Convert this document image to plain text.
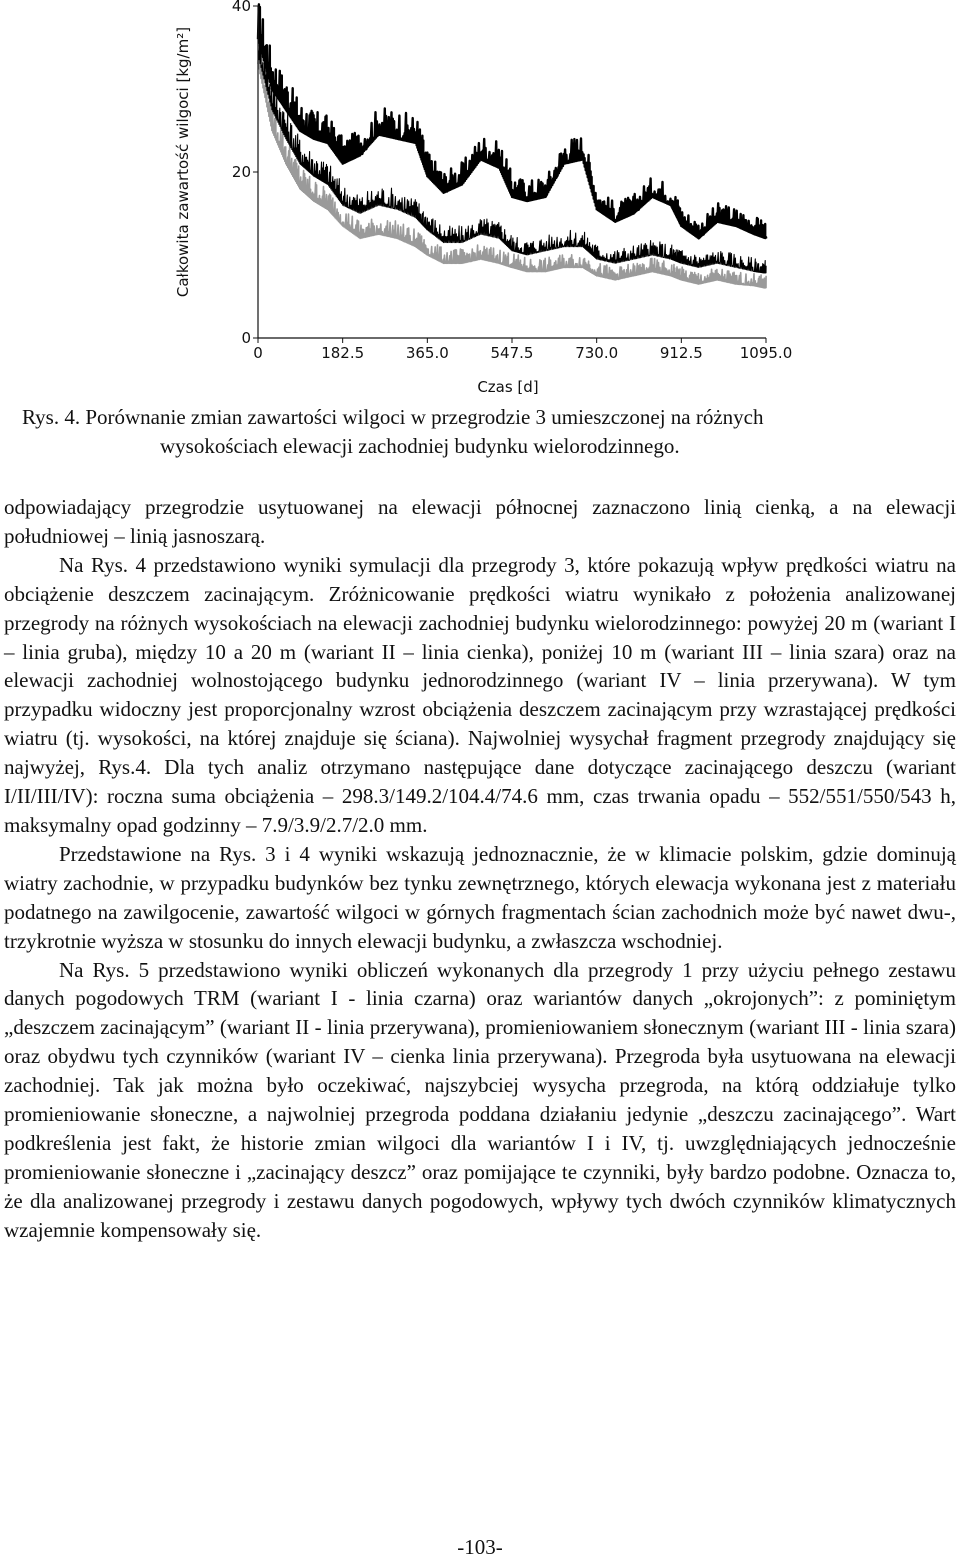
0	182.5	365.0	547.5	730.0	912.5 1095.0
0
20
40
Całkowita zawartość wilgoci [kg/m²]
Czas [d]
Rys. 4. Porównanie zmian zawartości wilgoci w przegrodzie 3 umieszczonej na różnych
wysokościach elewacji zachodniej budynku wielorodzinnego.

odpowiadający przegrodzie usytuowanej na elewacji północnej zaznaczono linią cienką, a na elewacji południowej – linią jasnoszarą.

Na Rys. 4 przedstawiono wyniki symulacji dla przegrody 3, które pokazują wpływ prędkości wiatru na obciążenie deszczem zacinającym. Zróżnicowanie prędkości wiatru wynikało z położenia analizowanej przegrody na różnych wysokościach na elewacji zachodniej budynku wielorodzinnego: powyżej 20 m (wariant I – linia gruba), między 10 a 20 m (wariant II – linia cienka), poniżej 10 m (wariant III – linia szara) oraz na elewacji zachodniej wolnostojącego budynku jednorodzinnego (wariant IV – linia przerywana). W tym przypadku widoczny jest proporcjonalny wzrost obciążenia deszczem zacinającym przy wzrastającej prędkości wiatru (tj. wysokości, na której znajduje się ściana). Najwolniej wysychał fragment przegrody znajdujący się najwyżej, Rys.4. Dla tych analiz otrzymano następujące dane dotyczące zacinającego deszczu (wariant I/II/III/IV): roczna suma obciążenia – 298.3/149.2/104.4/74.6 mm, czas trwania opadu – 552/551/550/543 h, maksymalny opad godzinny – 7.9/3.9/2.7/2.0 mm.

Przedstawione na Rys. 3 i 4 wyniki wskazują jednoznacznie, że w klimacie polskim, gdzie dominują wiatry zachodnie, w przypadku budynków bez tynku zewnętrznego, których elewacja wykonana jest z materiału podatnego na zawilgocenie, zawartość wilgoci w górnych fragmentach ścian zachodnich może być nawet dwu-, trzykrotnie wyższa w stosunku do innych elewacji budynku, a zwłaszcza wschodniej.

Na Rys. 5 przedstawiono wyniki obliczeń wykonanych dla przegrody 1 przy użyciu pełnego zestawu danych pogodowych TRM (wariant I - linia czarna) oraz wariantów danych „okrojonych”: z pominiętym „deszczem zacinającym” (wariant II - linia przerywana), promieniowaniem słonecznym (wariant III - linia szara) oraz obydwu tych czynników (wariant IV – cienka linia przerywana). Przegroda była usytuowana na elewacji zachodniej. Tak jak można było oczekiwać, najszybciej wysycha przegroda, na którą oddziałuje tylko promieniowanie słoneczne, a najwolniej przegroda poddana działaniu jedynie „deszczu zacinającego”. Wart podkreślenia jest fakt, że historie zmian wilgoci dla wariantów I i IV, tj. uwzględniających jednocześnie promieniowanie słoneczne i „zacinający deszcz” oraz pomijające te czynniki, były bardzo podobne. Oznacza to, że dla analizowanej przegrody i zestawu danych pogodowych, wpływy tych dwóch czynników klimatycznych wzajemnie kompensowały się.

-103-
